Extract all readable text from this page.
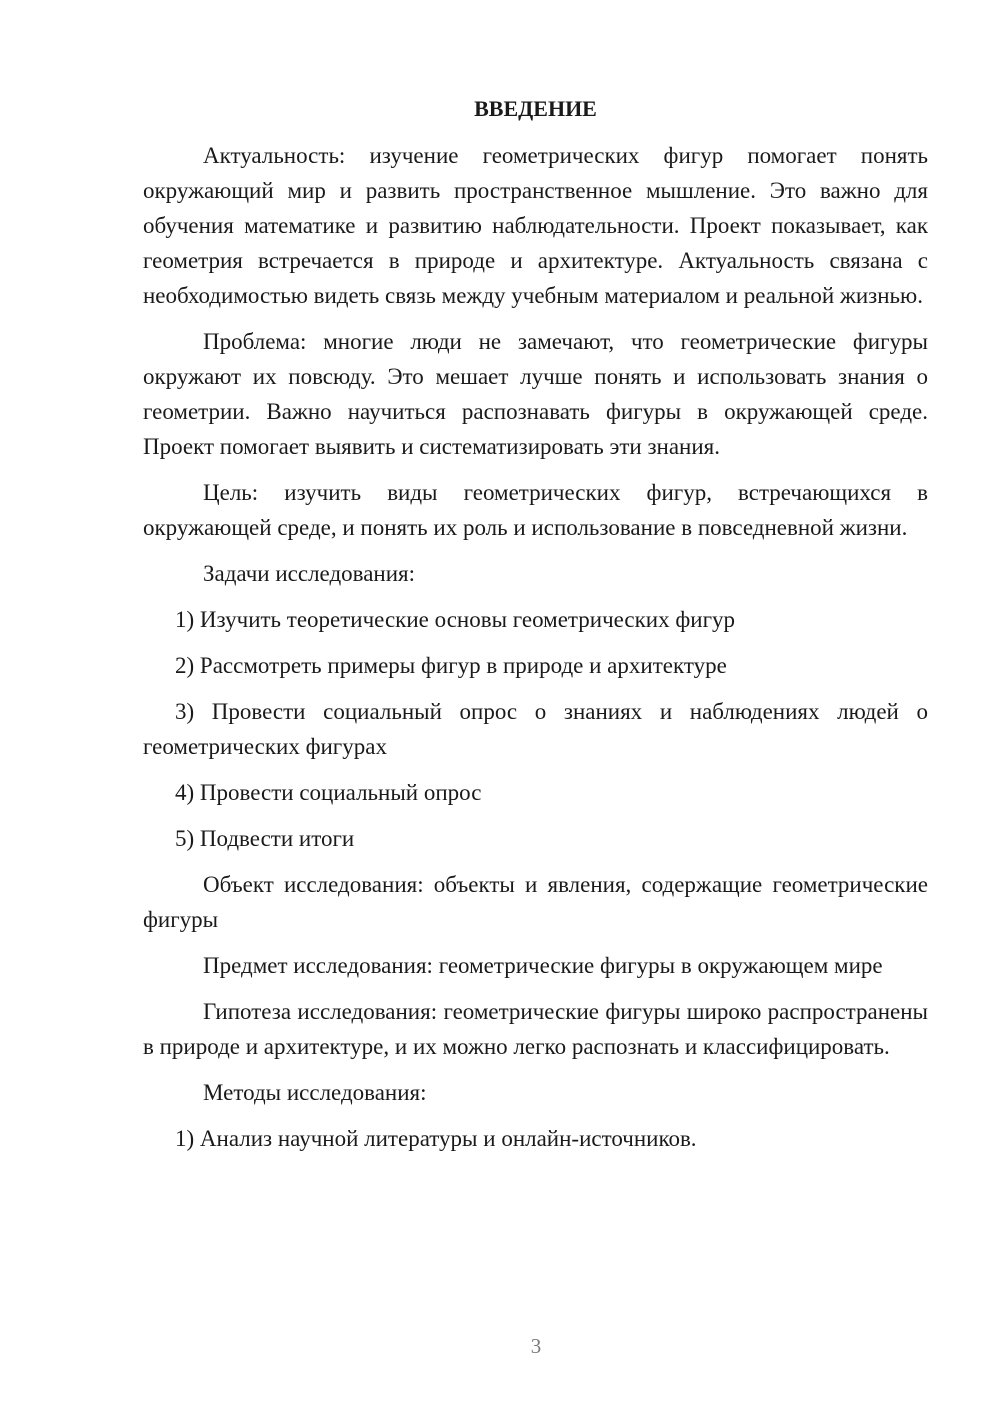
ВВЕДЕНИЕ

Актуальность: изучение геометрических фигур помогает понять окружающий мир и развить пространственное мышление. Это важно для обучения математике и развитию наблюдательности. Проект показывает, как геометрия встречается в природе и архитектуре. Актуальность связана с необходимостью видеть связь между учебным материалом и реальной жизнью.

Проблема: многие люди не замечают, что геометрические фигуры окружают их повсюду. Это мешает лучше понять и использовать знания о геометрии. Важно научиться распознавать фигуры в окружающей среде. Проект помогает выявить и систематизировать эти знания.

Цель: изучить виды геометрических фигур, встречающихся в окружающей среде, и понять их роль и использование в повседневной жизни.

Задачи исследования:

1) Изучить теоретические основы геометрических фигур

2) Рассмотреть примеры фигур в природе и архитектуре

3) Провести социальный опрос о знаниях и наблюдениях людей о геометрических фигурах

4) Провести социальный опрос

5) Подвести итоги

Объект исследования: объекты и явления, содержащие геометрические фигуры

Предмет исследования: геометрические фигуры в окружающем мире

Гипотеза исследования: геометрические фигуры широко распространены в природе и архитектуре, и их можно легко распознать и классифицировать.

Методы исследования:

1) Анализ научной литературы и онлайн-источников.

3
